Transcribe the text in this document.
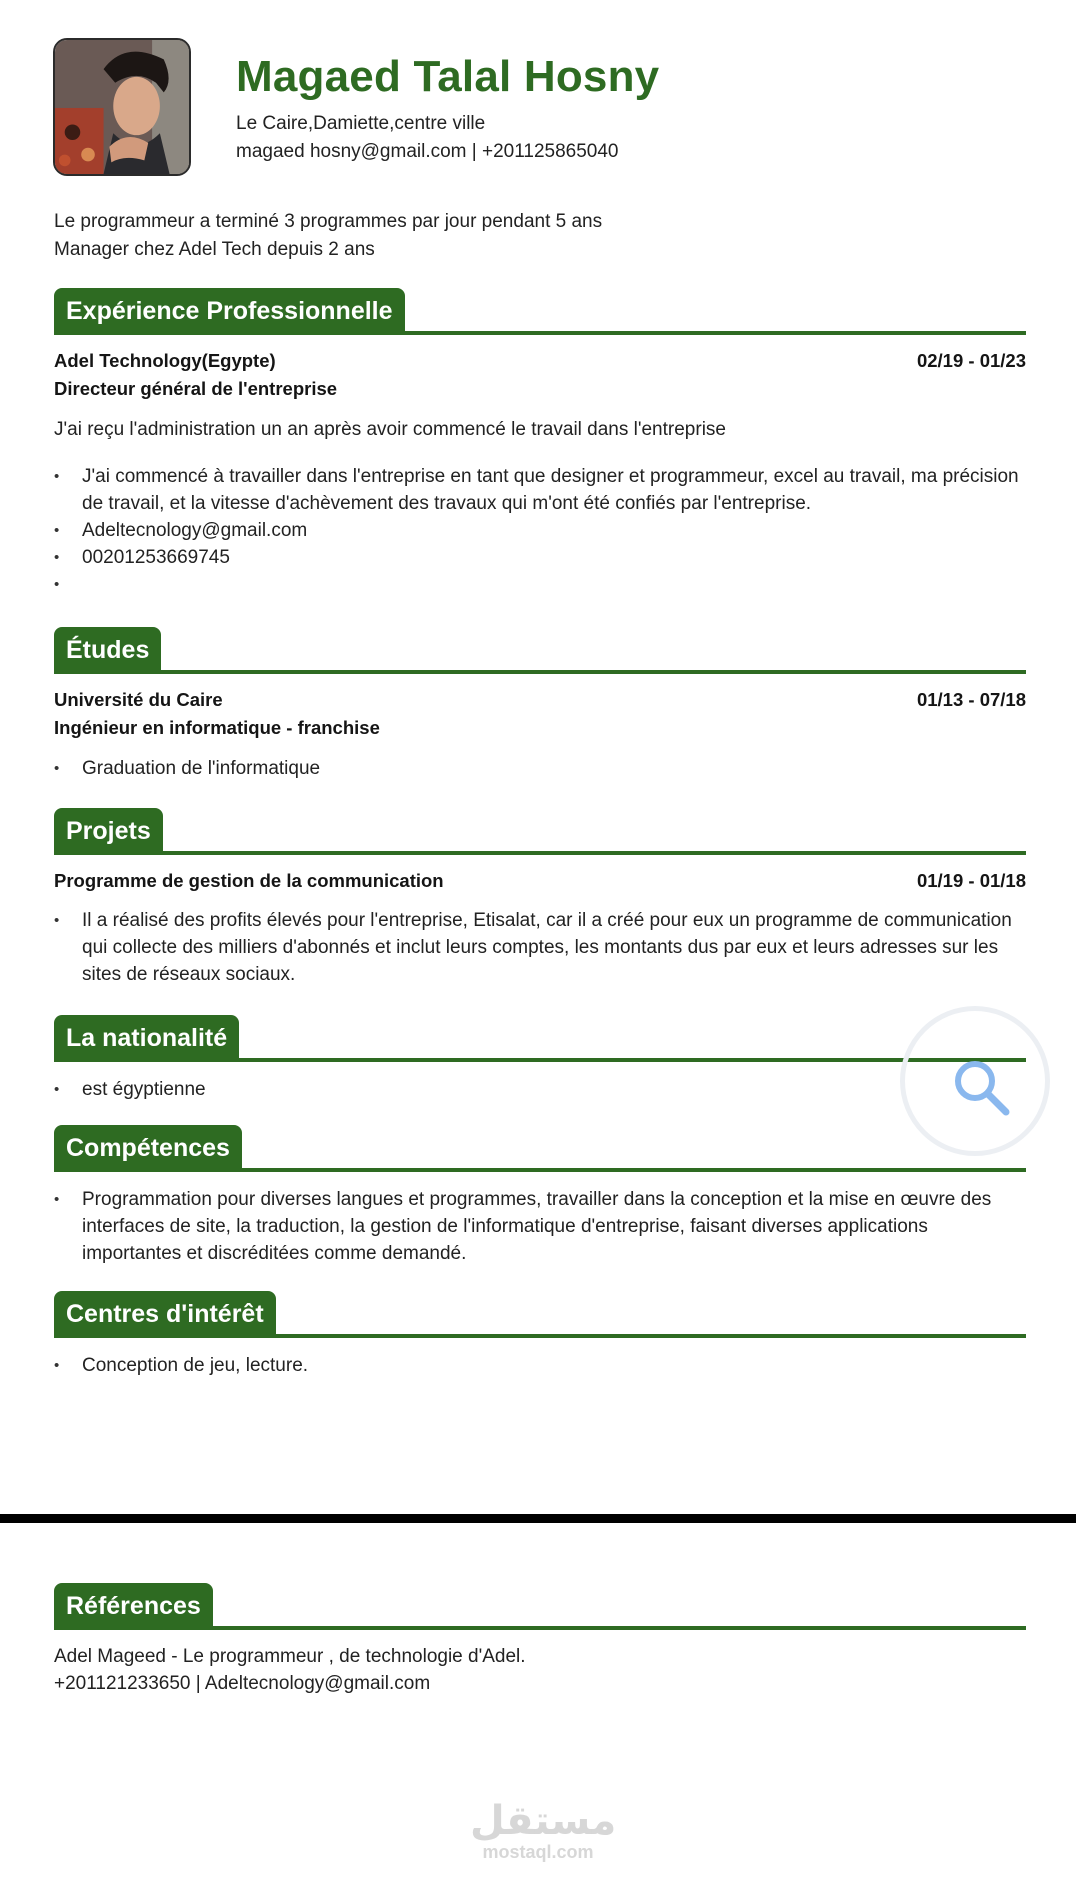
Magaed Talal Hosny
Le Caire,Damiette,centre ville
magaed hosny@gmail.com | +201125865040
Le programmeur a terminé 3 programmes par jour pendant 5 ans
Manager chez Adel Tech depuis 2 ans
Expérience Professionnelle
Adel Technology(Egypte)	02/19 - 01/23
Directeur général de l'entreprise
J'ai reçu l'administration un an après avoir commencé le travail dans l'entreprise
• J'ai commencé à travailler dans l'entreprise en tant que designer et programmeur, excel au travail, ma précision de travail, et la vitesse d'achèvement des travaux qui m'ont été confiés par l'entreprise.
• Adeltecnology@gmail.com
• 00201253669745
•
Études
Université du Caire	01/13 - 07/18
Ingénieur en informatique - franchise
• Graduation de l'informatique
Projets
Programme de gestion de la communication	01/19 - 01/18
• Il a réalisé des profits élevés pour l'entreprise, Etisalat, car il a créé pour eux un programme de communication qui collecte des milliers d'abonnés et inclut leurs comptes, les montants dus par eux et leurs adresses sur les sites de réseaux sociaux.
La nationalité
• est égyptienne
Compétences
• Programmation pour diverses langues et programmes, travailler dans la conception et la mise en œuvre des interfaces de site, la traduction, la gestion de l'informatique d'entreprise, faisant diverses applications importantes et discréditées comme demandé.
Centres d'intérêt
• Conception de jeu, lecture.
Références
Adel Mageed - Le programmeur , de technologie d'Adel.
+201121233650 | Adeltecnology@gmail.com
مستقل
mostaql.com
